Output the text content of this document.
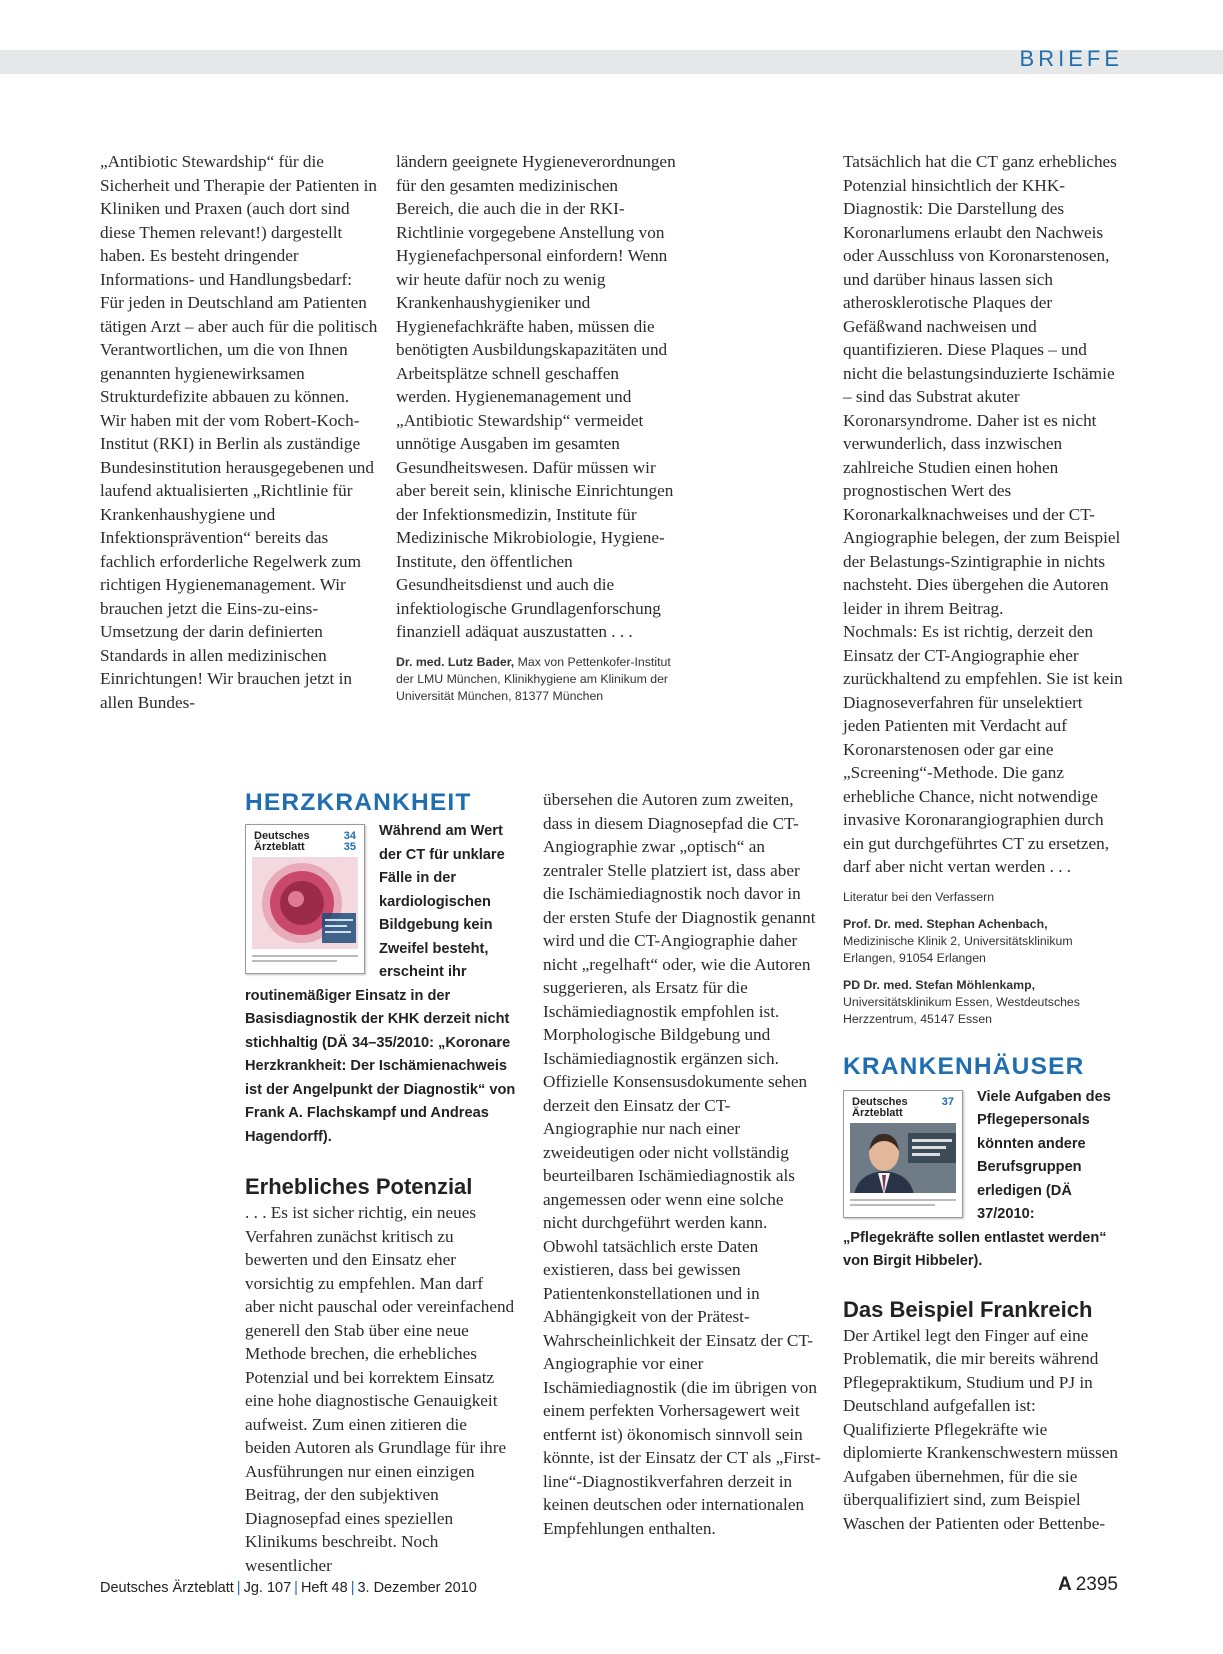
BRIEFE

„Antibiotic Stewardship“ für die Sicherheit und Therapie der Patienten in Kliniken und Praxen (auch dort sind diese Themen relevant!) dargestellt haben. Es besteht dringender Informations- und Handlungsbedarf: Für jeden in Deutschland am Patienten tätigen Arzt – aber auch für die politisch Verantwortlichen, um die von Ihnen genannten hygienewirksamen Strukturdefizite abbauen zu können.

Wir haben mit der vom Robert-Koch-Institut (RKI) in Berlin als zuständige Bundesinstitution herausgegebenen und laufend aktualisierten „Richtlinie für Krankenhaushygiene und Infektionsprävention“ bereits das fachlich erforderliche Regelwerk zum richtigen Hygienemanagement. Wir brauchen jetzt die Eins-zu-eins-Umsetzung der darin definierten Standards in allen medizinischen Einrichtungen! Wir brauchen jetzt in allen Bundes-

ländern geeignete Hygieneverordnungen für den gesamten medizinischen Bereich, die auch die in der RKI-Richtlinie vorgegebene Anstellung von Hygienefachpersonal einfordern! Wenn wir heute dafür noch zu wenig Krankenhaushygieniker und Hygienefachkräfte haben, müssen die benötigten Ausbildungskapazitäten und Arbeitsplätze schnell geschaffen werden. Hygienemanagement und „Antibiotic Stewardship“ vermeidet unnötige Ausgaben im gesamten Gesundheitswesen. Dafür müssen wir aber bereit sein, klinische Einrichtungen der Infektionsmedizin, Institute für Medizinische Mikrobiologie, Hygiene-Institute, den öffentlichen Gesundheitsdienst und auch die infektiologische Grundlagenforschung finanziell adäquat auszustatten . . .

Dr. med. Lutz Bader, Max von Pettenkofer-Institut der LMU München, Klinikhygiene am Klinikum der Universität München, 81377 München

Tatsächlich hat die CT ganz erhebliches Potenzial hinsichtlich der KHK-Diagnostik: Die Darstellung des Koronarlumens erlaubt den Nachweis oder Ausschluss von Koronarstenosen, und darüber hinaus lassen sich atherosklerotische Plaques der Gefäßwand nachweisen und quantifizieren. Diese Plaques – und nicht die belastungsinduzierte Ischämie – sind das Substrat akuter Koronarsyndrome. Daher ist es nicht verwunderlich, dass inzwischen zahlreiche Studien einen hohen prognostischen Wert des Koronarkalknachweises und der CT-Angiographie belegen, der zum Beispiel der Belastungs-Szintigraphie in nichts nachsteht. Dies übergehen die Autoren leider in ihrem Beitrag.

Nochmals: Es ist richtig, derzeit den Einsatz der CT-Angiographie eher zurückhaltend zu empfehlen. Sie ist kein Diagnoseverfahren für unselektiert jeden Patienten mit Verdacht auf Koronarstenosen oder gar eine „Screening“-Methode. Die ganz erhebliche Chance, nicht notwendige invasive Koronarangiographien durch ein gut durchgeführtes CT zu ersetzen, darf aber nicht vertan werden . . .

Literatur bei den Verfassern
Prof. Dr. med. Stephan Achenbach,
Medizinische Klinik 2, Universitätsklinikum Erlangen, 91054 Erlangen
PD Dr. med. Stefan Möhlenkamp,
Universitätsklinikum Essen, Westdeutsches Herzzentrum, 45147 Essen
KRANKENHÄUSER
Deutsches
Ärzteblatt
37 Viele Aufgaben des Pflegepersonals könnten andere Berufsgruppen erledigen (DÄ 37/2010: „Pflegekräfte sollen entlastet werden“ von Birgit Hibbeler).
Das Beispiel Frankreich

Der Artikel legt den Finger auf eine Problematik, die mir bereits während Pflegepraktikum, Studium und PJ in Deutschland aufgefallen ist: Qualifizierte Pflegekräfte wie diplomierte Krankenschwestern müssen Aufgaben übernehmen, für die sie überqualifiziert sind, zum Beispiel Waschen der Patienten oder Bettenbe-

HERZKRANKHEIT
Deutsches
Ärzteblatt
34
35
Während am Wert der CT für unklare Fälle in der kardiologischen Bildgebung kein Zweifel besteht, erscheint ihr routinemäßiger Einsatz in der Basisdiagnostik der KHK derzeit nicht stichhaltig (DÄ 34–35/2010: „Koronare Herzkrankheit: Der Ischämienachweis ist der Angelpunkt der Diagnostik“ von Frank A. Flachskampf und Andreas Hagendorff).
Erhebliches Potenzial

. . . Es ist sicher richtig, ein neues Verfahren zunächst kritisch zu bewerten und den Einsatz eher vorsichtig zu empfehlen. Man darf aber nicht pauschal oder vereinfachend generell den Stab über eine neue Methode brechen, die erhebliches Potenzial und bei korrektem Einsatz eine hohe diagnostische Genauigkeit aufweist. Zum einen zitieren die beiden Autoren als Grundlage für ihre Ausführungen nur einen einzigen Beitrag, der den subjektiven Diagnosepfad eines speziellen Klinikums beschreibt. Noch wesentlicher

übersehen die Autoren zum zweiten, dass in diesem Diagnosepfad die CT-Angiographie zwar „optisch“ an zentraler Stelle platziert ist, dass aber die Ischämiediagnostik noch davor in der ersten Stufe der Diagnostik genannt wird und die CT-Angiographie daher nicht „regelhaft“ oder, wie die Autoren suggerieren, als Ersatz für die Ischämiediagnostik empfohlen ist. Morphologische Bildgebung und Ischämiediagnostik ergänzen sich. Offizielle Konsensusdokumente sehen derzeit den Einsatz der CT-Angiographie nur nach einer zweideutigen oder nicht vollständig beurteilbaren Ischämiediagnostik als angemessen oder wenn eine solche nicht durchgeführt werden kann. Obwohl tatsächlich erste Daten existieren, dass bei gewissen Patientenkonstellationen und in Abhängigkeit von der Prätest-Wahrscheinlichkeit der Einsatz der CT-Angiographie vor einer Ischämiediagnostik (die im übrigen von einem perfekten Vorhersagewert weit entfernt ist) ökonomisch sinnvoll sein könnte, ist der Einsatz der CT als „First-line“-Diagnostikverfahren derzeit in keinen deutschen oder internationalen Empfehlungen enthalten.

Deutsches Ärzteblatt | Jg. 107 | Heft 48 | 3. Dezember 2010	A 2395
